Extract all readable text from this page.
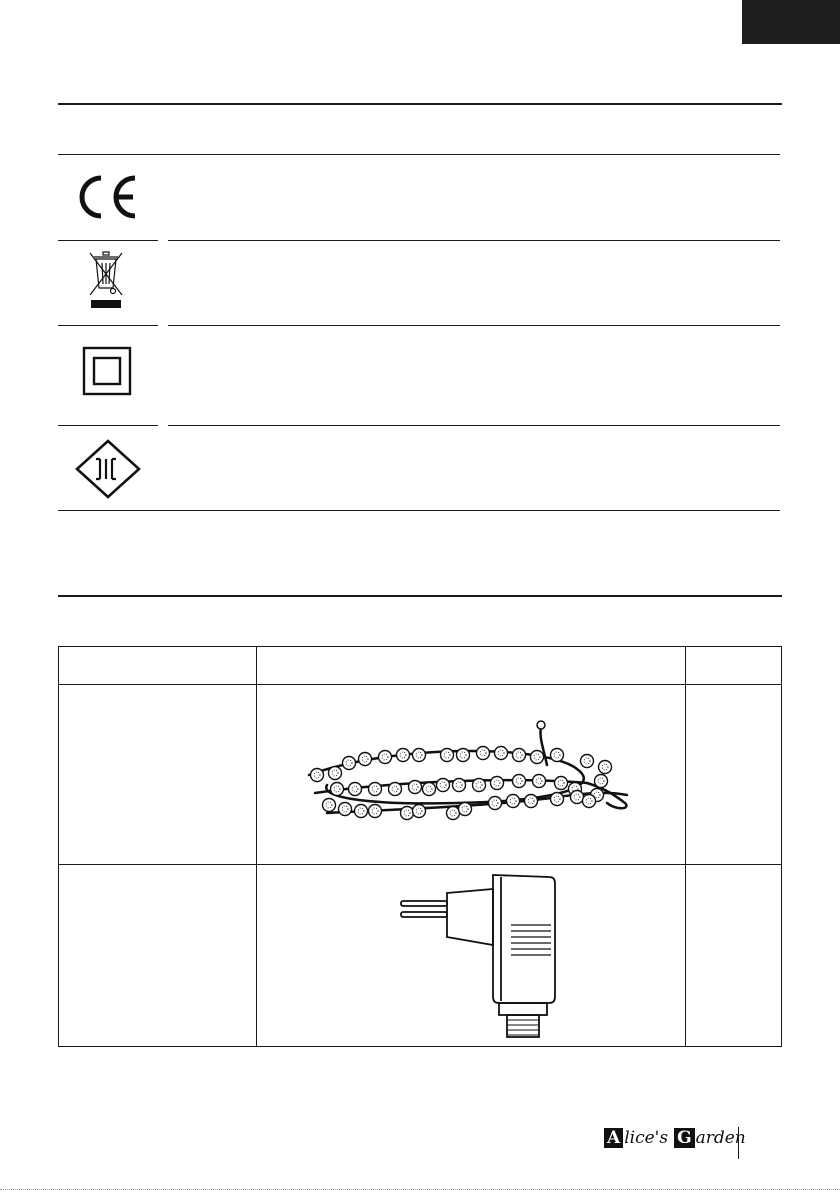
A lice's G arden
